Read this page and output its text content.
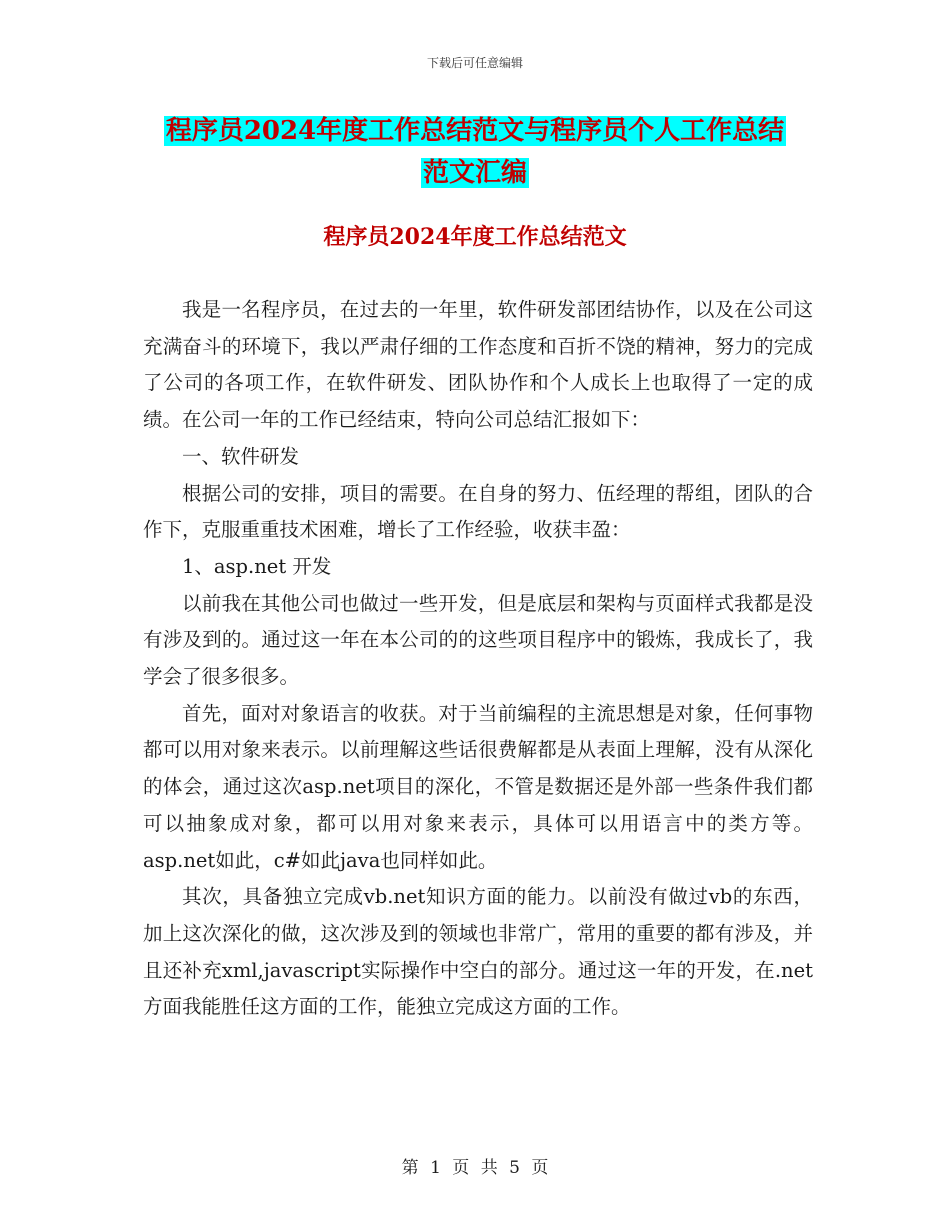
下载后可任意编辑
程序员2024年度工作总结范文与程序员个人工作总结
范文汇编
程序员2024年度工作总结范文

我是一名程序员，在过去的一年里，软件研发部团结协作，以及在公司这充满奋斗的环境下，我以严肃仔细的工作态度和百折不饶的精神，努力的完成了公司的各项工作，在软件研发、团队协作和个人成长上也取得了一定的成绩。在公司一年的工作已经结束，特向公司总结汇报如下：

一、软件研发

根据公司的安排，项目的需要。在自身的努力、伍经理的帮组，团队的合作下，克服重重技术困难，增长了工作经验，收获丰盈：

1、asp.net 开发

以前我在其他公司也做过一些开发，但是底层和架构与页面样式我都是没有涉及到的。通过这一年在本公司的的这些项目程序中的锻炼，我成长了，我学会了很多很多。

首先，面对对象语言的收获。对于当前编程的主流思想是对象，任何事物都可以用对象来表示。以前理解这些话很费解都是从表面上理解，没有从深化的体会，通过这次asp.net项目的深化，不管是数据还是外部一些条件我们都可以抽象成对象，都可以用对象来表示，具体可以用语言中的类方等。asp.net如此，c#如此java也同样如此。

其次，具备独立完成vb.net知识方面的能力。以前没有做过vb的东西，加上这次深化的做，这次涉及到的领域也非常广，常用的重要的都有涉及，并且还补充xml,javascript实际操作中空白的部分。通过这一年的开发，在.net 方面我能胜任这方面的工作，能独立完成这方面的工作。

第 1 页 共 5 页
